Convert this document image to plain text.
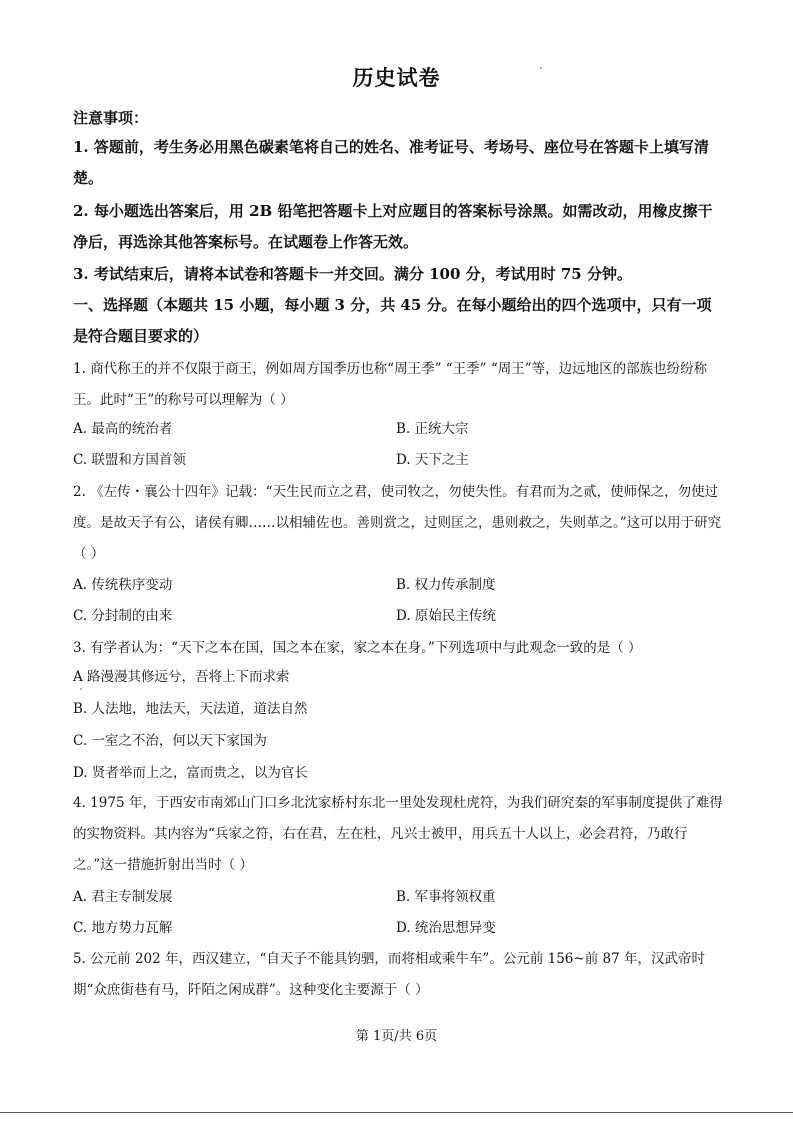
历史试卷
注意事项：
1. 答题前，考生务必用黑色碳素笔将自己的姓名、准考证号、考场号、座位号在答题卡上填写清楚。
2. 每小题选出答案后，用 2B 铅笔把答题卡上对应题目的答案标号涂黑。如需改动，用橡皮擦干净后，再选涂其他答案标号。在试题卷上作答无效。
3. 考试结束后，请将本试卷和答题卡一并交回。满分 100 分，考试用时 75 分钟。
一、选择题（本题共 15 小题，每小题 3 分，共 45 分。在每小题给出的四个选项中，只有一项是符合题目要求的）
1. 商代称王的并不仅限于商王，例如周方国季历也称“周王季” “王季” “周王”等，边远地区的部族也纷纷称王。此时“王”的称号可以理解为（ ）
A. 最高的统治者	B. 正统大宗
C. 联盟和方国首领	D. 天下之主
2. 《左传・襄公十四年》记载：“天生民而立之君，使司牧之，勿使失性。有君而为之贰，使师保之，勿使过度。是故天子有公，诸侯有卿……以相辅佐也。善则赏之，过则匡之，患则救之，失则革之。”这可以用于研究（ ）
A. 传统秩序变动	B. 权力传承制度
C. 分封制的由来	D. 原始民主传统
3. 有学者认为：“天下之本在国，国之本在家，家之本在身。”下列选项中与此观念一致的是（ ）
A 路漫漫其修远兮，吾将上下而求索
B. 人法地，地法天，天法道，道法自然
C. 一室之不治，何以天下家国为
D. 贤者举而上之，富而贵之，以为官长
4. 1975 年，于西安市南郊山门口乡北沈家桥村东北一里处发现杜虎符，为我们研究秦的军事制度提供了难得的实物资料。其内容为“兵家之符，右在君，左在杜，凡兴士被甲，用兵五十人以上，必会君符，乃敢行之。”这一措施折射出当时（ ）
A. 君主专制发展	B. 军事将领权重
C. 地方势力瓦解	D. 统治思想异变
5. 公元前 202 年，西汉建立，“自天子不能具钧驷，而将相或乘牛车”。公元前 156~前 87 年，汉武帝时期“众庶街巷有马，阡陌之闲成群”。这种变化主要源于（ ）
第 1页/共 6页
